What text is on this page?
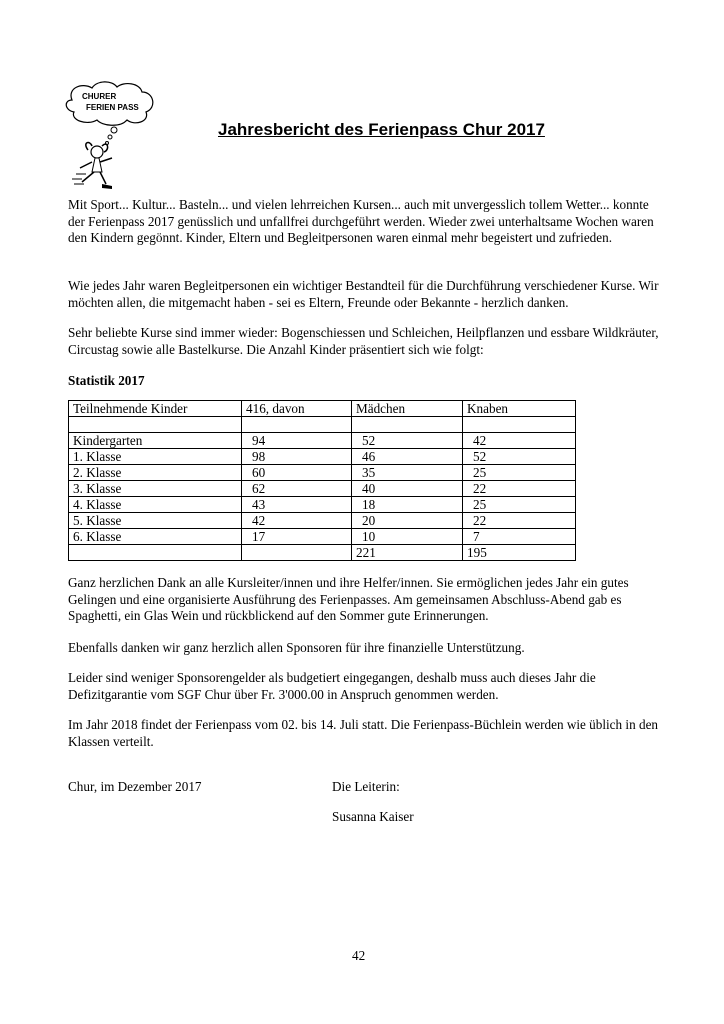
CHURER
FERIEN PASS
Jahresbericht des Ferienpass Chur 2017
Mit Sport... Kultur... Basteln... und vielen lehrreichen Kursen... auch mit unvergesslich tollem Wetter... konnte der Ferienpass 2017 genüsslich und unfallfrei durchgeführt werden. Wieder zwei unterhaltsame Wochen waren den Kindern gegönnt. Kinder, Eltern und Begleitpersonen waren einmal mehr begeistert und zufrieden.
Wie jedes Jahr waren Begleitpersonen ein wichtiger Bestandteil für die Durchführung verschiedener Kurse. Wir möchten allen, die mitgemacht haben - sei es Eltern, Freunde oder Bekannte - herzlich danken.
Sehr beliebte Kurse sind immer wieder: Bogenschiessen und Schleichen, Heilpflanzen und essbare Wildkräuter, Circustag sowie alle Bastelkurse. Die Anzahl Kinder präsentiert sich wie folgt:
Statistik 2017
Teilnehmende Kinder	416, davon	Mädchen	Knaben

Kindergarten	94	52	42
1. Klasse	98	46	52
2. Klasse	60	35	25
3. Klasse	62	40	22
4. Klasse	43	18	25
5. Klasse	42	20	22
6. Klasse	17	10	7
		221	195
Ganz herzlichen Dank an alle Kursleiter/innen und ihre Helfer/innen. Sie ermöglichen jedes Jahr ein gutes Gelingen und eine organisierte Ausführung des Ferienpasses. Am gemeinsamen Abschluss-Abend gab es Spaghetti, ein Glas Wein und rückblickend auf den Sommer gute Erinnerungen.
Ebenfalls danken wir ganz herzlich allen Sponsoren für ihre finanzielle Unterstützung.
Leider sind weniger Sponsorengelder als budgetiert eingegangen, deshalb muss auch dieses Jahr die Defizitgarantie vom SGF Chur über Fr. 3'000.00 in Anspruch genommen werden.
Im Jahr 2018 findet der Ferienpass vom 02. bis 14. Juli statt. Die Ferienpass-Büchlein werden wie üblich in den Klassen verteilt.
Chur, im Dezember 2017	Die Leiterin:
Susanna Kaiser
42
